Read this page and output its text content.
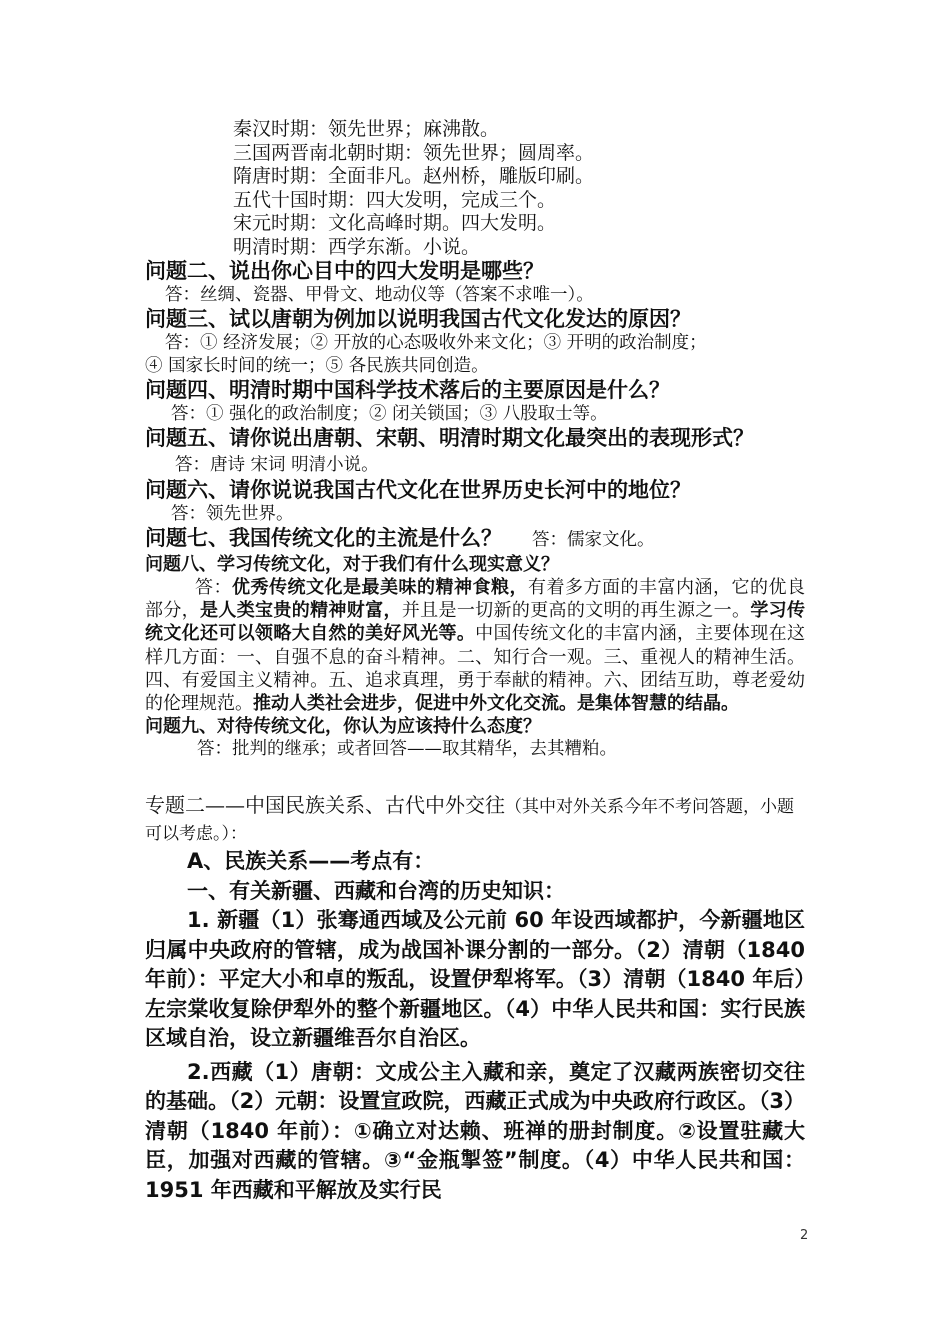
秦汉时期：领先世界；麻沸散。

三国两晋南北朝时期：领先世界；圆周率。

隋唐时期：全面非凡。赵州桥，雕版印刷。

五代十国时期：四大发明，完成三个。

宋元时期：文化高峰时期。四大发明。

明清时期：西学东渐。小说。

问题二、说出你心目中的四大发明是哪些？

答：丝绸、瓷器、甲骨文、地动仪等（答案不求唯一）。

问题三、试以唐朝为例加以说明我国古代文化发达的原因？

答：① 经济发展；② 开放的心态吸收外来文化；③ 开明的政治制度；

④ 国家长时间的统一；⑤ 各民族共同创造。

问题四、明清时期中国科学技术落后的主要原因是什么？

答：① 强化的政治制度；② 闭关锁国；③ 八股取士等。

问题五、请你说出唐朝、宋朝、明清时期文化最突出的表现形式？答：唐诗 宋词 明清小说。

问题六、请你说说我国古代文化在世界历史长河中的地位？

答：领先世界。

问题七、我国传统文化的主流是什么？ 答：儒家文化。

问题八、学习传统文化，对于我们有什么现实意义？

答：优秀传统文化是最美味的精神食粮，有着多方面的丰富内涵，它的优良部分，是人类宝贵的精神财富，并且是一切新的更高的文明的再生源之一。学习传统文化还可以领略大自然的美好风光等。中国传统文化的丰富内涵，主要体现在这样几方面：一、自强不息的奋斗精神。二、知行合一观。三、重视人的精神生活。四、有爱国主义精神。五、追求真理，勇于奉献的精神。六、团结互助，尊老爱幼的伦理规范。推动人类社会进步，促进中外文化交流。是集体智慧的结晶。

问题九、对待传统文化，你认为应该持什么态度？

答：批判的继承；或者回答——取其精华，去其糟粕。

专题二——中国民族关系、古代中外交往（其中对外关系今年不考问答题，小题可以考虑。）：

A、民族关系——考点有：

一、有关新疆、西藏和台湾的历史知识：

1. 新疆（1）张骞通西域及公元前 60 年设西域都护，今新疆地区归属中央政府的管辖，成为战国补课分割的一部分。（2）清朝（1840 年前）：平定大小和卓的叛乱，设置伊犁将军。（3）清朝（1840 年后）左宗棠收复除伊犁外的整个新疆地区。（4）中华人民共和国：实行民族区域自治，设立新疆维吾尔自治区。

2.西藏（1）唐朝：文成公主入藏和亲，奠定了汉藏两族密切交往的基础。（2）元朝：设置宣政院，西藏正式成为中央政府行政区。（3）清朝（1840 年前）：①确立对达赖、班禅的册封制度。②设置驻藏大臣，加强对西藏的管辖。③“金瓶掣签”制度。（4）中华人民共和国：1951 年西藏和平解放及实行民

2
